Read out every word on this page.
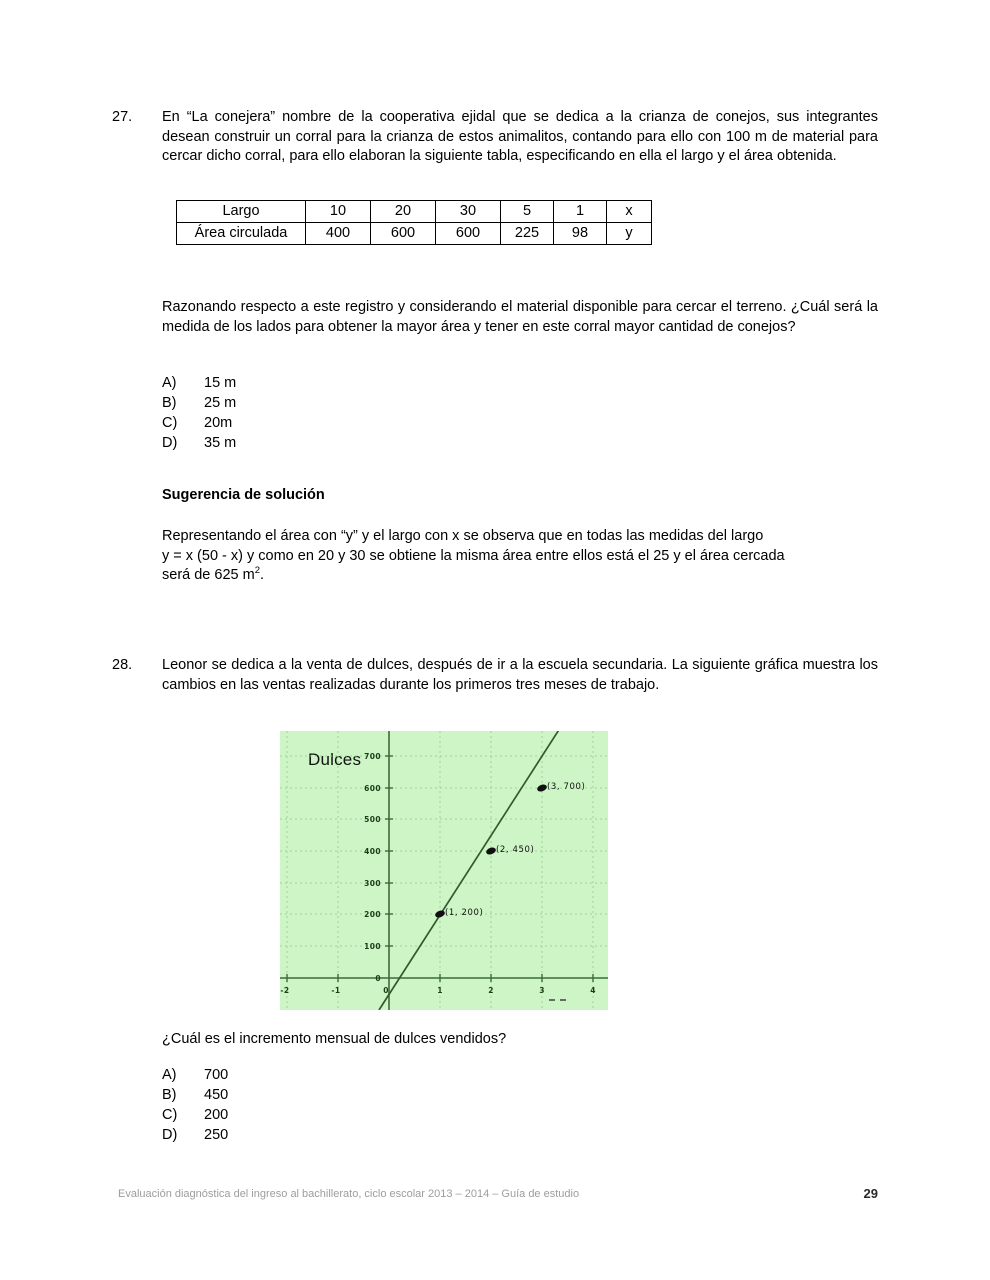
27.	En “La conejera” nombre de la cooperativa ejidal que se dedica a la crianza de conejos, sus integrantes desean construir un corral para la crianza de estos animalitos, contando para ello con 100 m de material para cercar dicho corral, para ello elaboran la siguiente tabla, especificando en ella el largo y el área obtenida.
Largo	10	20	30	5	1	x
Área circulada	400	600	600	225	98	y
Razonando respecto a este registro y considerando el material disponible para cercar el terreno. ¿Cuál será la medida de los lados para obtener la mayor área y tener en este corral mayor cantidad de conejos?
A)	15 m
B)	25 m
C)	20m
D)	35 m
Sugerencia de solución
Representando el área con “y” y el largo con x se observa que en todas las medidas del largo
y = x (50 - x) y como en 20 y 30 se obtiene la misma área entre ellos está el 25 y el área cercada
será de 625 $m^2$.
28.	Leonor se dedica a la venta de dulces, después de ir a la escuela secundaria. La siguiente gráfica muestra los cambios en las ventas realizadas durante los primeros tres meses de trabajo.
Dulces
-2	-1	0	1	2	3	4
0
100
200
300
400
500
600
700
(1, 200)
(2, 450)
(3, 700)
¿Cuál es el incremento mensual de dulces vendidos?
A)	700
B)	450
C)	200
D)	250
Evaluación diagnóstica del ingreso al bachillerato, ciclo escolar 2013 – 2014 – Guía de estudio	29
